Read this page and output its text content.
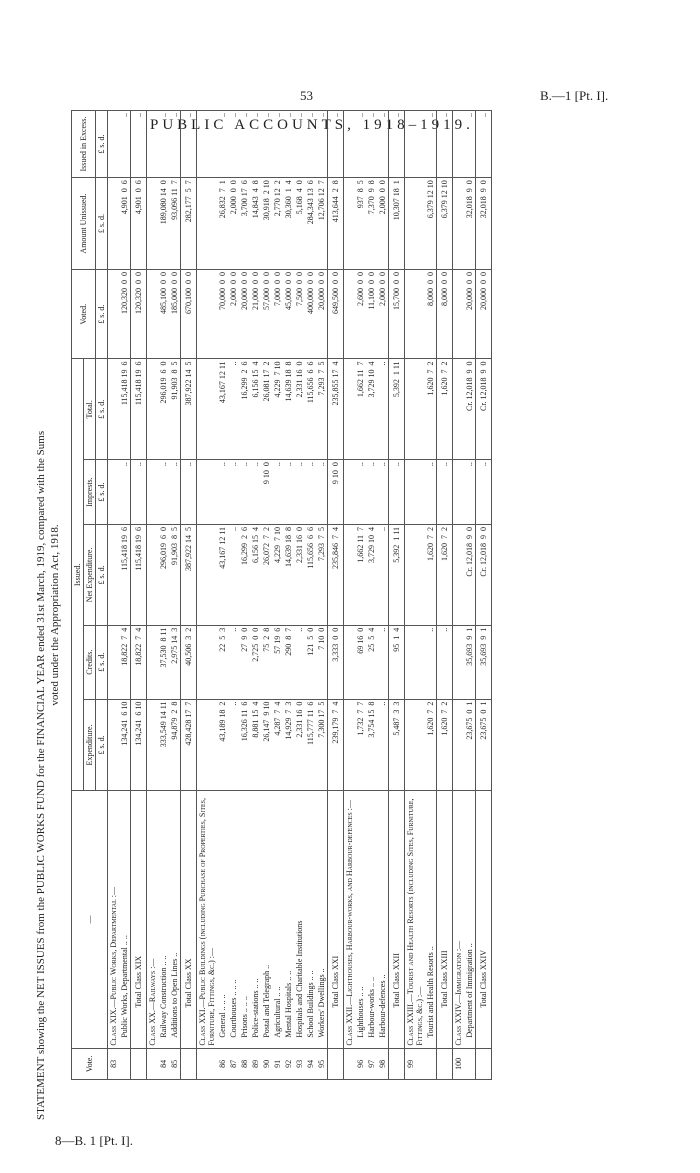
53	B.—1 [Pt. I].
PUBLIC ACCOUNTS, 1918–1919.
STATEMENT showing the NET ISSUES from the PUBLIC WORKS FUND for the FINANCIAL YEAR ended 31st March, 1919, compared with the Sums voted under the Appropriation Act, 1918.
Vote.	—	Issued.					Voted.	Amount Unissued.	Issued in Excess.
		Expenditure.	Credits.	Net Expenditure.	Imprests.	Total.			
		£ s. d.	£ s. d.	£ s. d.	£ s. d.	£ s. d.	£ s. d.	£ s. d.	£ s. d.
83	Class XIX.—Public Works, Departmental :—								
	Public Works, Departmental .. ..	134,241  6 10	18,822  7  4	115,418 19  6	..	115,418 19  6	120,320  0  0	4,901  0  6	..
	Total Class XIX	134,241  6 10	18,822  7  4	115,418 19  6	..	115,418 19  6	120,320  0  0	4,901  0  6	..
	Class XX.—Railways :—								
84	Railway Construction .. ..	333,549 14 11	37,530  8 11	296,019  6  0	..	296,019  6  0	485,100  0  0	189,080 14  0	..
85	Additions to Open Lines ..	94,879  2  8	2,975 14  3	91,903  8  5	..	91,903  8  5	185,000  0  0	93,096 11  7	..
	Total Class XX	428,428 17  7	40,506  3  2	387,922 14  5	..	387,922 14  5	670,100  0  0	282,177  5  7	..
	Class XXI.—Public Buildings (including Purchase of Properties, Sites, Furniture, Fittings, &c.) :—								
86	General .. .. ..	43,189 18  2	22  5  3	43,167 12 11	..	43,167 12 11	70,000  0  0	26,832  7  1	..
87	Courthouses .. .. ..	..	..	..	..	..	2,000  0  0	2,000  0  0	..
88	Prisons .. .. ..	16,326 11  6	27  9  0	16,299  2  6	..	16,299  2  6	20,000  0  0	3,700 17  6	..
89	Police-stations .. ..	8,881 15  4	2,725  0  0	6,156 15  4	..	6,156 15  4	21,000  0  0	14,843  4  8	..
90	Postal and Telegraph ..	26,147  9 10	75  2  8	26,072  7  2	9 10  0	26,081 17  2	57,000  0  0	30,918  2 10	..
91	Agricultural .. ..	4,287  7  4	57 19  6	4,229  7 10	..	4,229  7 10	7,000  0  0	2,770 12  2	..
92	Mental Hospitals .. ..	14,929  7  3	290  8  7	14,639 18  8	..	14,639 18  8	45,000  0  0	30,360  1  4	..
93	Hospitals and Charitable Institutions	2,331 16  0	..	2,331 16  0	..	2,331 16  0	7,500  0  0	5,168  4  0	..
94	School Buildings .. ..	115,777 11  6	121  5  0	115,656  6  6	..	115,656  6  6	400,000  0  0	284,343 13  6	..
95	Workers' Dwellings ..	7,300 17  5	7 10  0	7,293  7  5	..	7,293  7  5	20,000  0  0	12,706 12  7	..
	Total Class XXI	239,179  7  4	3,333  0  0	235,846  7  4	9 10  0	235,855 17  4	649,500  0  0	413,644  2  8	..
	Class XXII.—Lighthouses, Harbour-works, and Harbour-defences :—								
96	Lighthouses .. ..	1,732  7  7	69 16  0	1,662 11  7	..	1,662 11  7	2,600  0  0	937  8  5	..
97	Harbour-works .. ..	3,754 15  8	25  5  4	3,729 10  4	..	3,729 10  4	11,100  0  0	7,370  9  8	..
98	Harbour-defences ..	..	..	..	..	..	2,000  0  0	2,000  0  0	..
	Total Class XXII	5,487  3  3	95  1  4	5,392  1 11	..	5,392  1 11	15,700  0  0	10,307 18  1	..
99	Class XXIII.—Tourist and Health Resorts (including Sites, Furniture, Fittings, &c.) :—								
	Tourist and Health Resorts ..	1,620  7  2	..	1,620  7  2	..	1,620  7  2	8,000  0  0	6,379 12 10	..
	Total Class XXIII	1,620  7  2	..	1,620  7  2	..	1,620  7  2	8,000  0  0	6,379 12 10	..
100	Class XXIV.—Immigration :—								
	Department of Immigration ..	23,675  0  1	35,693  9  1	Cr. 12,018  9  0	..	Cr. 12,018  9  0	20,000  0  0	32,018  9  0	..
	Total Class XXIV	23,675  0  1	35,693  9  1	Cr. 12,018  9  0	..	Cr. 12,018  9  0	20,000  0  0	32,018  9  0	..
8—B. 1 [Pt. I].
